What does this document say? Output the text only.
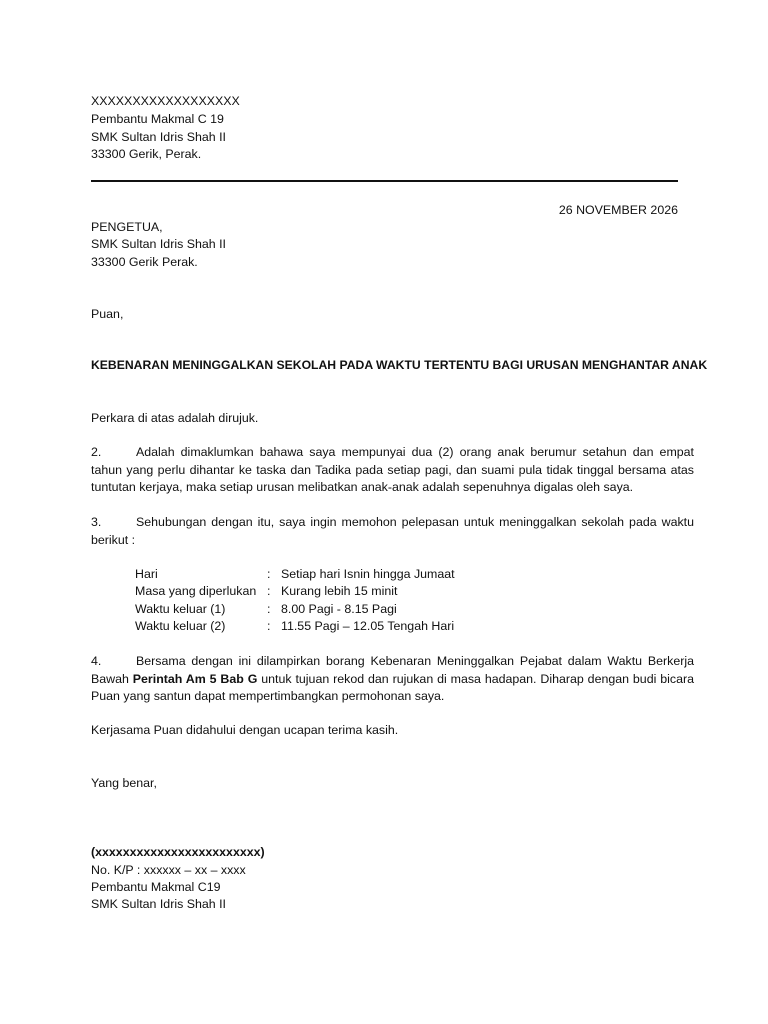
XXXXXXXXXXXXXXXXXX
Pembantu Makmal C 19
SMK Sultan Idris Shah II
33300 Gerik, Perak.
26 NOVEMBER 2026
PENGETUA,
SMK Sultan Idris Shah II
33300 Gerik Perak.
Puan,
KEBENARAN MENINGGALKAN SEKOLAH PADA WAKTU TERTENTU BAGI URUSAN MENGHANTAR ANAK
Perkara di atas adalah dirujuk.
2.	Adalah dimaklumkan bahawa saya mempunyai dua (2) orang anak berumur setahun dan empat tahun yang perlu dihantar ke taska dan Tadika pada setiap pagi, dan suami pula tidak tinggal bersama atas tuntutan kerjaya, maka setiap urusan melibatkan anak-anak adalah sepenuhnya digalas oleh saya.
3.	Sehubungan dengan itu, saya ingin memohon pelepasan untuk meninggalkan sekolah pada waktu berikut :
Hari	: Setiap hari Isnin hingga Jumaat
Masa yang diperlukan : Kurang lebih 15 minit
Waktu keluar (1)	: 8.00 Pagi - 8.15 Pagi
Waktu keluar (2)	: 11.55 Pagi – 12.05 Tengah Hari
4.	Bersama dengan ini dilampirkan borang Kebenaran Meninggalkan Pejabat dalam Waktu Berkerja Bawah Perintah Am 5 Bab G untuk tujuan rekod dan rujukan di masa hadapan. Diharap dengan budi bicara Puan yang santun dapat mempertimbangkan permohonan saya.
Kerjasama Puan didahului dengan ucapan terima kasih.
Yang benar,
(xxxxxxxxxxxxxxxxxxxxxxxx)
No. K/P : xxxxxx – xx – xxxx
Pembantu Makmal C19
SMK Sultan Idris Shah II
